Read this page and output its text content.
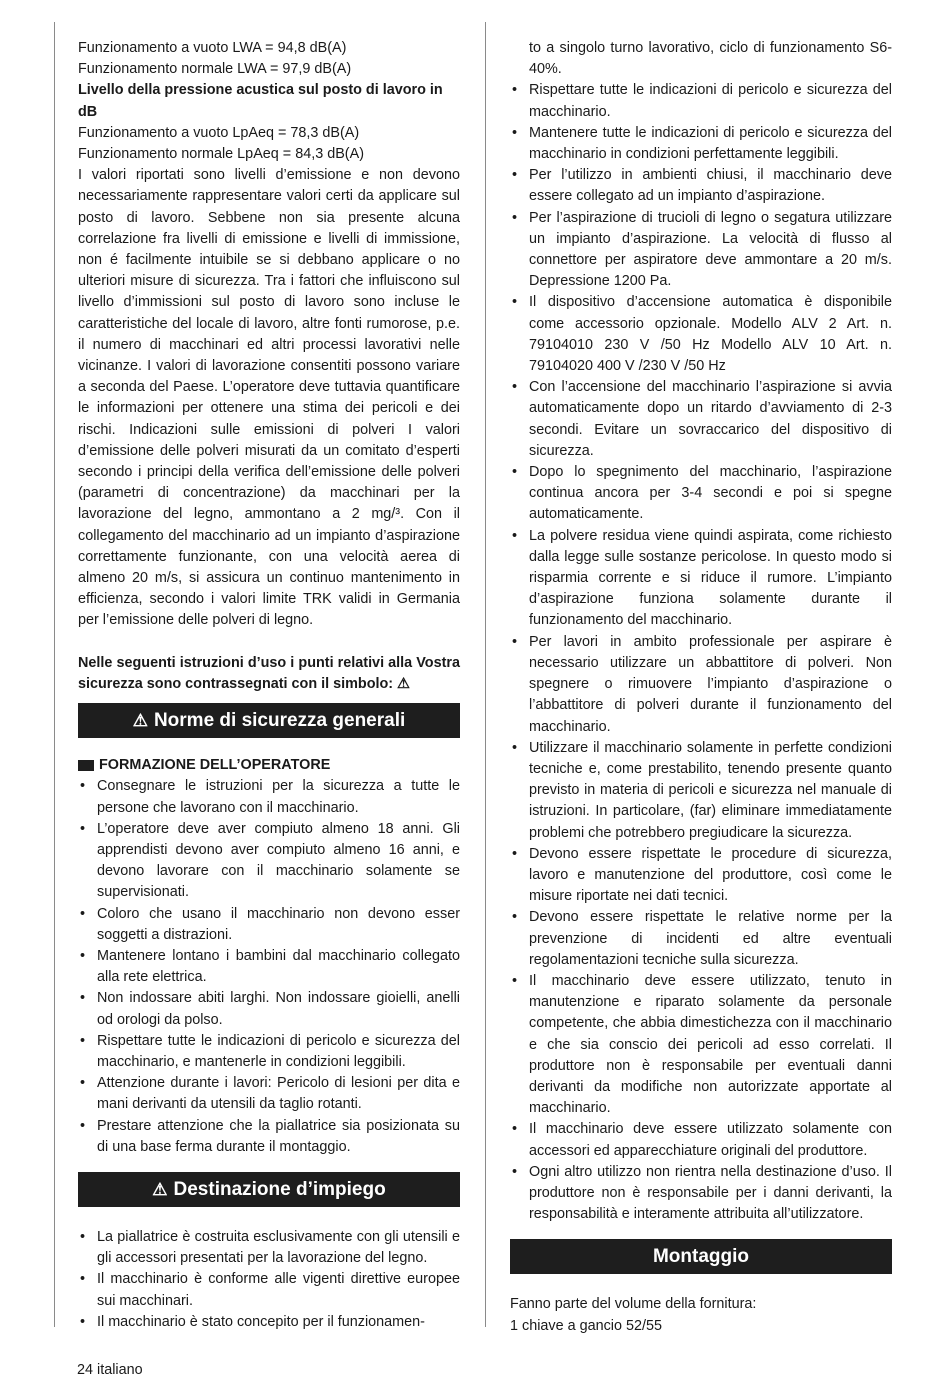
Funzionamento a vuoto LWA = 94,8 dB(A)
Funzionamento normale LWA = 97,9 dB(A)
Livello della pressione acustica sul posto di lavoro in dB
Funzionamento a vuoto LpAeq = 78,3 dB(A)
Funzionamento normale LpAeq = 84,3 dB(A)

I valori riportati sono livelli d’emissione e non devono necessariamente rappresentare valori certi da applicare sul posto di lavoro. Sebbene non sia presente alcuna correlazione fra livelli di emissione e livelli di immissione, non é facilmente intuibile se si debbano applicare o no ulteriori misure di sicurezza. Tra i fattori che influiscono sul livello d’immissioni sul posto di lavoro sono incluse le caratteristiche del locale di lavoro, altre fonti rumorose, p.e. il numero di macchinari ed altri processi lavorativi nelle vicinanze. I valori di lavorazione consentiti possono variare a seconda del Paese. L’operatore deve tuttavia quantificare le informazioni per ottenere una stima dei pericoli e dei rischi. Indicazioni sulle emissioni di polveri I valori d’emissione delle polveri misurati da un comitato d’esperti secondo i principi della verifica dell’emissione delle polveri (parametri di concentrazione) da macchinari per la lavorazione del legno, ammontano a 2 mg/³. Con il collegamento del macchinario ad un impianto d’aspirazione correttamente funzionante, con una velocità aerea di almeno 20 m/s, si assicura un continuo mantenimento in efficienza, secondo i valori limite TRK validi in Germania per l’emissione delle polveri di legno.

Nelle seguenti istruzioni d’uso i punti relativi alla Vostra sicurezza sono contrassegnati con il simbolo: ⚠

⚠ Norme di sicurezza generali
FORMAZIONE DELL’OPERATORE
• Consegnare le istruzioni per la sicurezza a tutte le persone che lavorano con il macchinario.
• L’operatore deve aver compiuto almeno 18 anni. Gli apprendisti devono aver compiuto almeno 16 anni, e devono lavorare con il macchinario solamente se supervisionati.
• Coloro che usano il macchinario non devono esser soggetti a distrazioni.
• Mantenere lontano i bambini dal macchinario collegato alla rete elettrica.
• Non indossare abiti larghi. Non indossare gioielli, anelli od orologi da polso.
• Rispettare tutte le indicazioni di pericolo e sicurezza del macchinario, e mantenerle in condizioni leggibili.
• Attenzione durante i lavori: Pericolo di lesioni per dita e mani derivanti da utensili da taglio rotanti.
• Prestare attenzione che la piallatrice sia posizionata su di una base ferma durante il montaggio.
⚠ Destinazione d’impiego
• La piallatrice è costruita esclusivamente con gli utensili e gli accessori presentati per la lavorazione del legno.
• Il macchinario è conforme alle vigenti direttive europee sui macchinari.
• Il macchinario è stato concepito per il funzionamen-
to a singolo turno lavorativo, ciclo di funzionamento S6-40%.
• Rispettare tutte le indicazioni di pericolo e sicurezza del macchinario.
• Mantenere tutte le indicazioni di pericolo e sicurezza del macchinario in condizioni perfettamente leggibili.
• Per l’utilizzo in ambienti chiusi, il macchinario deve essere collegato ad un impianto d’aspirazione.
• Per l’aspirazione di trucioli di legno o segatura utilizzare un impianto d’aspirazione. La velocità di flusso al connettore per aspiratore deve ammontare a 20 m/s. Depressione 1200 Pa.
• Il dispositivo d’accensione automatica è disponibile come accessorio opzionale. Modello ALV 2 Art. n. 79104010 230 V /50 Hz Modello ALV 10 Art. n. 79104020 400 V /230 V /50 Hz
• Con l’accensione del macchinario l’aspirazione si avvia automaticamente dopo un ritardo d’avviamento di 2-3 secondi. Evitare un sovraccarico del dispositivo di sicurezza.
• Dopo lo spegnimento del macchinario, l’aspirazione continua ancora per 3-4 secondi e poi si spegne automaticamente.
• La polvere residua viene quindi aspirata, come richiesto dalla legge sulle sostanze pericolose. In questo modo si risparmia corrente e si riduce il rumore. L’impianto d’aspirazione funziona solamente durante il funzionamento del macchinario.
• Per lavori in ambito professionale per aspirare è necessario utilizzare un abbattitore di polveri. Non spegnere o rimuovere l’impianto d’aspirazione o l’abbattitore di polveri durante il funzionamento del macchinario.
• Utilizzare il macchinario solamente in perfette condizioni tecniche e, come prestabilito, tenendo presente quanto previsto in materia di pericoli e sicurezza nel manuale di istruzioni. In particolare, (far) eliminare immediatamente problemi che potrebbero pregiudicare la sicurezza.
• Devono essere rispettate le procedure di sicurezza, lavoro e manutenzione del produttore, così come le misure riportate nei dati tecnici.
• Devono essere rispettate le relative norme per la prevenzione di incidenti ed altre eventuali regolamentazioni tecniche sulla sicurezza.
• Il macchinario deve essere utilizzato, tenuto in manutenzione e riparato solamente da personale competente, che abbia dimestichezza con il macchinario e che sia conscio dei pericoli ad esso correlati. Il produttore non è responsabile per eventuali danni derivanti da modifiche non autorizzate apportate al macchinario.
• Il macchinario deve essere utilizzato solamente con accessori ed apparecchiature originali del produttore.
• Ogni altro utilizzo non rientra nella destinazione d’uso. Il produttore non è responsabile per i danni derivanti, la responsabilità e interamente attribuita all’utilizzatore.
Montaggio
Fanno parte del volume della fornitura:
1 chiave a gancio 52/55
24 italiano
